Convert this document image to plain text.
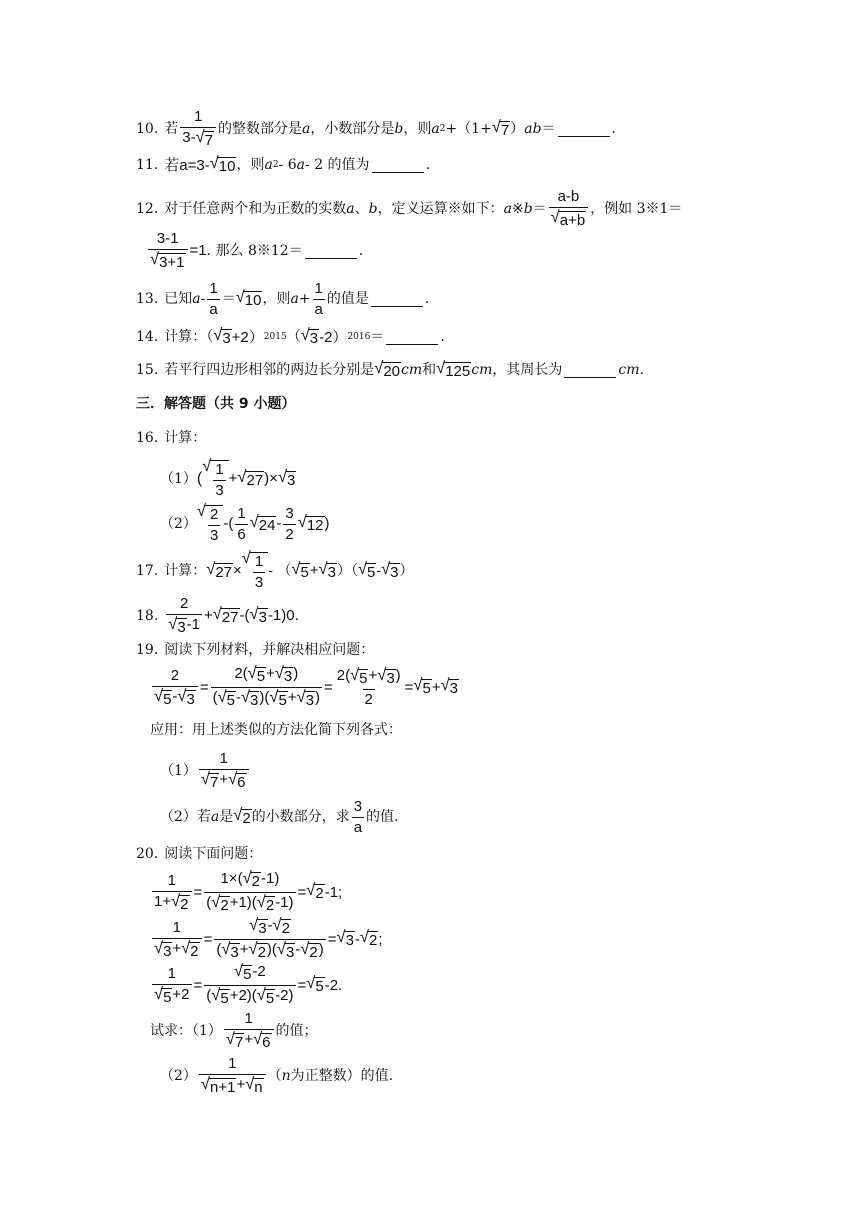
10. 若 $\frac{1}{3- √ 7}$ 的整数部分是 a ，小数部分是 b ，则 a 2 +（1+ √ 7 ） ab ＝	.
11. 若a=3- √ 10 ，则 a 2 - 6 a - 2 的值为	.
12. 对于任意两个和为正数的实数 a 、 b ，定义运算※如下： a ※ $b = \frac{a-b}{√ a+b}$ ，例如 3※1＝
$\frac{3-1}{√ 3+1} =1$ . 那么 8※12＝	.
13. 已知 a - $\frac{1}{a}$ ＝ √ 10 ，则 $a + \frac{1}{a}$ 的值是	.
14. 计算：（ √ 3 +2） 2015 （ √ 3 -2） 2016 ＝	.
15. 若平行四边形相邻的两边长分别是 √ 20 cm 和 √ 125 cm ，其周长为	cm .
三．解答题（共 9 小题）
16. 计算：
（1） (
√ $\frac{1}{3}$ + √ 27 )× √ 3
（2）
√ $\frac{2}{3}$ -( $\frac{1}{6}$ √ $24 - \frac{3}{2}$ √ 12 )
17. 计算： √ 27 ×
√ $\frac{1}{3}$ - （ √ 5 + √ 3 ）（ √ 5 - √ 3 ）
18. $\frac{2}{√ 3 -1}$ + √ 27 -( √ 3 -1) 0 .
19. 阅读下列材料，并解决相应问题：
$\frac{2}{√ 5 - √ 3} = \frac{2( √ 5 + √ 3 )}{( √ 5 - √ 3 )( √ 5 + √ 3 )} = \frac{2( √ 5 + √ 3 )}{2}$ = √ 5 + √ 3
应用：用上述类似的方法化简下列各式：
$(1) \frac{1}{√ 7 + √ 6}$
（2）若 a 是 √ 2 的小数部分，求 $\frac{3}{a}$ 的值.
20. 阅读下面问题：
$\frac{1}{1+ √ 2} = \frac{1\times( √ 2 -1)}{( √ 2 +1)( √ 2 -1)}$ = √ 2 -1;
$\frac{1}{√ 3 + √ 2} = \frac{√ 3 - √ 2}{( √ 3 + √ 2 )( √ 3 - √ 2 )}$ = √ 3 - √ 2 ;
$\frac{1}{√ 5 +2} = \frac{√ 5 -2}{( √ 5 +2)( √ 5 -2)}$ = √ 5 -2.
试求：$(1) \frac{1}{√ 7 + √ 6}$ 的值；
$(2) \frac{1}{√ n+1 + √ n}$ （ n 为正整数）的值.
